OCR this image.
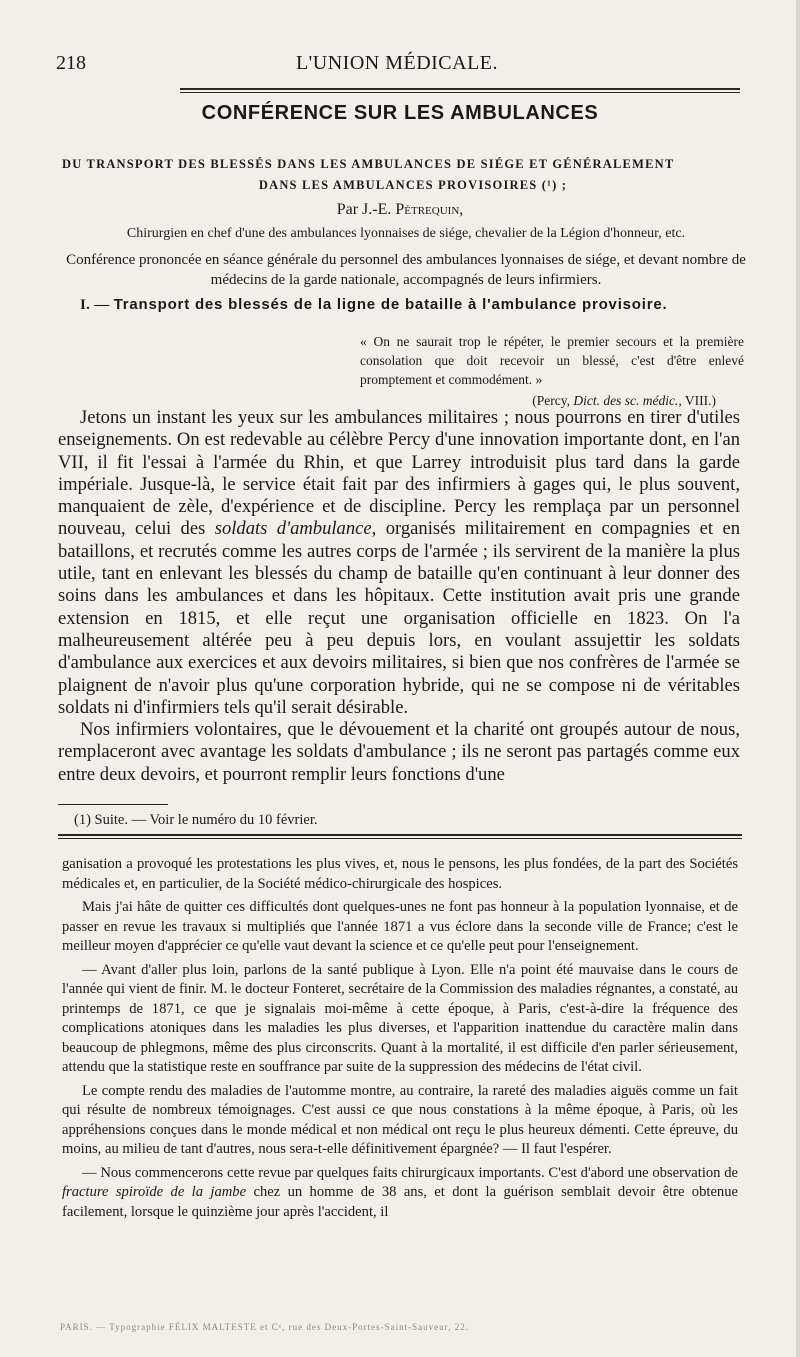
218	L'UNION MÉDICALE.
CONFÉRENCE SUR LES AMBULANCES
DU TRANSPORT DES BLESSÉS DANS LES AMBULANCES DE SIÉGE ET GÉNÉRALEMENT
DANS LES AMBULANCES PROVISOIRES (¹) ;
Par J.-E. Pétrequin,
Chirurgien en chef d'une des ambulances lyonnaises de siége, chevalier de la Légion d'honneur, etc.
Conférence prononcée en séance générale du personnel des ambulances lyonnaises de siége, et devant nombre de médecins de la garde nationale, accompagnés de leurs infirmiers.
I. — Transport des blessés de la ligne de bataille à l'ambulance provisoire.
« On ne saurait trop le répéter, le premier secours et la première consolation que doit recevoir un blessé, c'est d'être enlevé promptement et commodément. »
(Percy, Dict. des sc. médic., VIII.)

Jetons un instant les yeux sur les ambulances militaires ; nous pourrons en tirer d'utiles enseignements. On est redevable au célèbre Percy d'une innovation importante dont, en l'an VII, il fit l'essai à l'armée du Rhin, et que Larrey introduisit plus tard dans la garde impériale. Jusque-là, le service était fait par des infirmiers à gages qui, le plus souvent, manquaient de zèle, d'expérience et de discipline. Percy les remplaça par un personnel nouveau, celui des soldats d'ambulance, organisés militairement en compagnies et en bataillons, et recrutés comme les autres corps de l'armée ; ils servirent de la manière la plus utile, tant en enlevant les blessés du champ de bataille qu'en continuant à leur donner des soins dans les ambulances et dans les hôpitaux. Cette institution avait pris une grande extension en 1815, et elle reçut une organisation officielle en 1823. On l'a malheureusement altérée peu à peu depuis lors, en voulant assujettir les soldats d'ambulance aux exercices et aux devoirs militaires, si bien que nos confrères de l'armée se plaignent de n'avoir plus qu'une corporation hybride, qui ne se compose ni de véritables soldats ni d'infirmiers tels qu'il serait désirable.

Nos infirmiers volontaires, que le dévouement et la charité ont groupés autour de nous, remplaceront avec avantage les soldats d'ambulance ; ils ne seront pas partagés comme eux entre deux devoirs, et pourront remplir leurs fonctions d'une

(1) Suite. — Voir le numéro du 10 février.

ganisation a provoqué les protestations les plus vives, et, nous le pensons, les plus fondées, de la part des Sociétés médicales et, en particulier, de la Société médico-chirurgicale des hospices.

Mais j'ai hâte de quitter ces difficultés dont quelques-unes ne font pas honneur à la population lyonnaise, et de passer en revue les travaux si multipliés que l'année 1871 a vus éclore dans la seconde ville de France; c'est le meilleur moyen d'apprécier ce qu'elle vaut devant la science et ce qu'elle peut pour l'enseignement.

— Avant d'aller plus loin, parlons de la santé publique à Lyon. Elle n'a point été mauvaise dans le cours de l'année qui vient de finir. M. le docteur Fonteret, secrétaire de la Commission des maladies régnantes, a constaté, au printemps de 1871, ce que je signalais moi-même à cette époque, à Paris, c'est-à-dire la fréquence des complications atoniques dans les maladies les plus diverses, et l'apparition inattendue du caractère malin dans beaucoup de phlegmons, même des plus circonscrits. Quant à la mortalité, il est difficile d'en parler sérieusement, attendu que la statistique reste en souffrance par suite de la suppression des médecins de l'état civil.

Le compte rendu des maladies de l'automme montre, au contraire, la rareté des maladies aiguës comme un fait qui résulte de nombreux témoignages. C'est aussi ce que nous constations à la même époque, à Paris, où les appréhensions conçues dans le monde médical et non médical ont reçu le plus heureux démenti. Cette épreuve, du moins, au milieu de tant d'autres, nous sera-t-elle définitivement épargnée? — Il faut l'espérer.

— Nous commencerons cette revue par quelques faits chirurgicaux importants. C'est d'abord une observation de fracture spiroïde de la jambe chez un homme de 38 ans, et dont la guérison semblait devoir être obtenue facilement, lorsque le quinzième jour après l'accident, il

PARIS. — Typographie FÉLIX MALTESTE et Cᵉ, rue des Deux-Portes-Saint-Sauveur, 22.
